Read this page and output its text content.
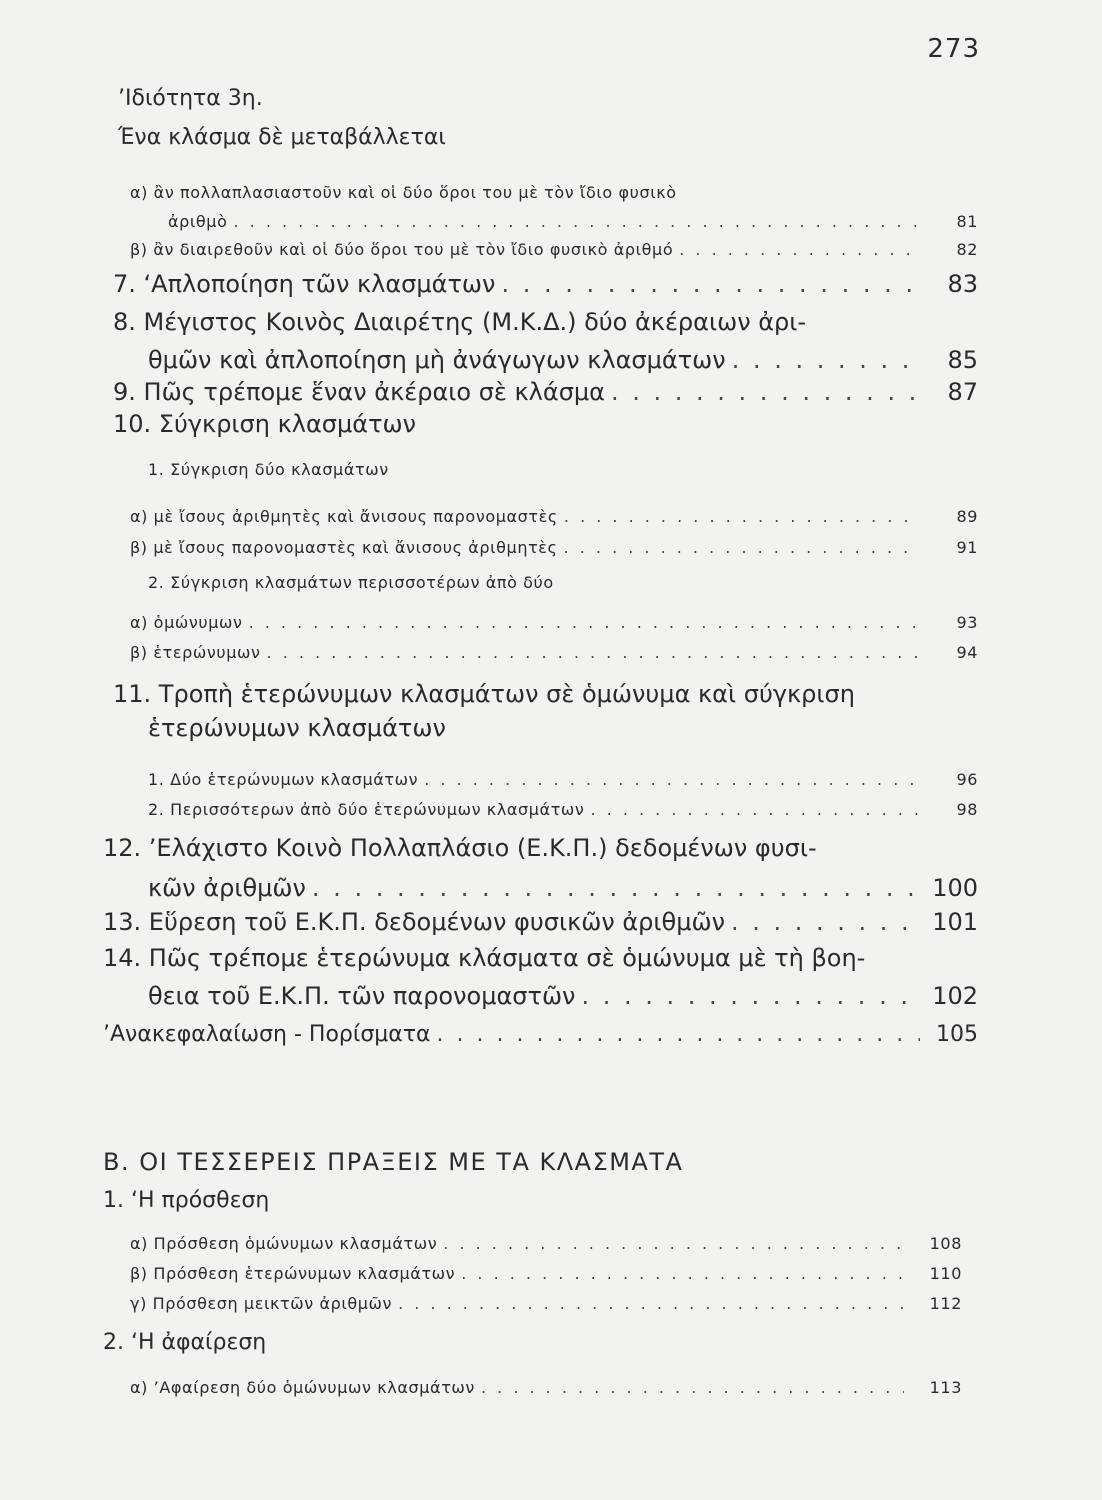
273
’Ιδιότητα 3η.
Ένα κλάσμα δὲ μεταβάλλεται
α) ἂν πολλαπλασιαστοῦν καὶ οἱ δύο ὅροι του μὲ τὸν ἴδιο φυσικὸ
ἀριθμὸ . . .	81
β) ἂν διαιρεθοῦν καὶ οἱ δύο ὅροι του μὲ τὸν ἴδιο φυσικὸ ἀριθμό . . .	82
7. ‘Απλοποίηση τῶν κλασμάτων . . .	83
8. Μέγιστος Κοινὸς Διαιρέτης (Μ.Κ.Δ.) δύο ἀκέραιων ἀρι-
θμῶν καὶ ἀπλοποίηση μὴ ἀνάγωγων κλασμάτων . . .	85
9. Πῶς τρέπομε ἕναν ἀκέραιο σὲ κλάσμα . . .	87
10. Σύγκριση κλασμάτων
1. Σύγκριση δύο κλασμάτων
α) μὲ ἴσους ἀριθμητὲς καὶ ἄνισους παρονομαστὲς . . .	89
β) μὲ ἴσους παρονομαστὲς καὶ ἄνισους ἀριθμητὲς . . .	91
2. Σύγκριση κλασμάτων περισσοτέρων ἀπὸ δύο
α) ὁμώνυμων . . .	93
β) ἑτερώνυμων . . .	94
11. Τροπὴ ἑτερώνυμων κλασμάτων σὲ ὁμώνυμα καὶ σύγκριση
ἑτερώνυμων κλασμάτων
1. Δύο ἑτερώνυμων κλασμάτων . . .	96
2. Περισσότερων ἀπὸ δύο ἑτερώνυμων κλασμάτων . . .	98
12. ’Ελάχιστο Κοινὸ Πολλαπλάσιο (Ε.Κ.Π.) δεδομένων φυσι-
κῶν ἀριθμῶν . . .	100
13. Εὕρεση τοῦ Ε.Κ.Π. δεδομένων φυσικῶν ἀριθμῶν . . .	101
14. Πῶς τρέπομε ἑτερώνυμα κλάσματα σὲ ὁμώνυμα μὲ τὴ βοη-
θεια τοῦ Ε.Κ.Π. τῶν παρονομαστῶν . . .	102
’Ανακεφαλαίωση - Πορίσματα . . .	105
Β. ΟΙ ΤΕΣΣΕΡΕΙΣ ΠΡΑΞΕΙΣ ΜΕ ΤΑ ΚΛΑΣΜΑΤΑ
1. ‘Η πρόσθεση
α) Πρόσθεση ὁμώνυμων κλασμάτων . . .	108
β) Πρόσθεση ἑτερώνυμων κλασμάτων . . .	110
γ) Πρόσθεση μεικτῶν ἀριθμῶν . . .	112
2. ‘Η ἀφαίρεση
α) ’Αφαίρεση δύο ὁμώνυμων κλασμάτων . . .	113
